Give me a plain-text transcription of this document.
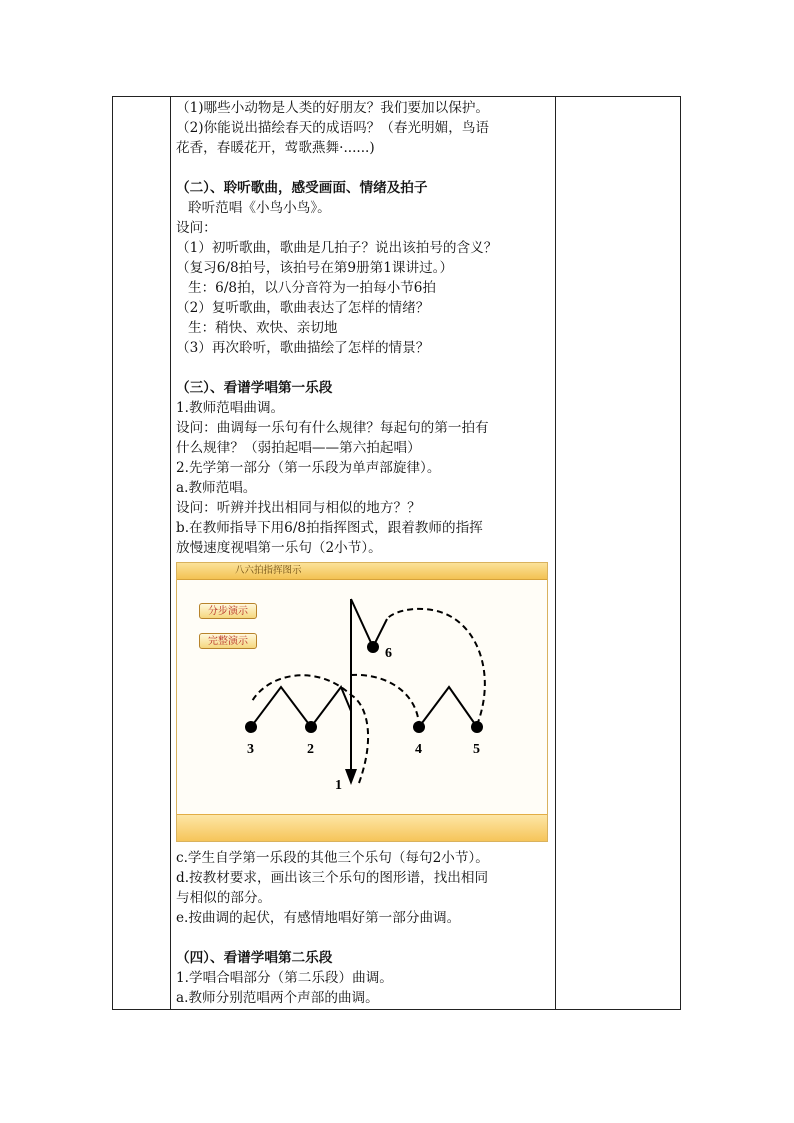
（1)哪些小动物是人类的好朋友？我们要加以保护。

（2)你能说出描绘春天的成语吗？（春光明媚，鸟语

花香，春暖花开，莺歌燕舞·......)

（二）、聆听歌曲，感受画面、情绪及拍子

聆听范唱《小鸟小鸟》。

设问：

（1）初听歌曲，歌曲是几拍子？说出该拍号的含义？

（复习6/8拍号，该拍号在第9册第1课讲过。）

生：6/8拍，以八分音符为一拍每小节6拍

（2）复听歌曲，歌曲表达了怎样的情绪？

生：稍快、欢快、亲切地

（3）再次聆听，歌曲描绘了怎样的情景？

（三）、看谱学唱第一乐段

1.教师范唱曲调。

设问：曲调每一乐句有什么规律？每起句的第一拍有

什么规律？（弱拍起唱——第六拍起唱）

2.先学第一部分（第一乐段为单声部旋律）。

a.教师范唱。

设问：听辨并找出相同与相似的地方？？

b.在教师指导下用6/8拍指挥图式，跟着教师的指挥

放慢速度视唱第一乐句（2小节）。

八六拍指挥图示
分步演示
完整演示
1
2
3	4	5
6

c.学生自学第一乐段的其他三个乐句（每句2小节）。

d.按教材要求，画出该三个乐句的图形谱，找出相同

与相似的部分。

e.按曲调的起伏，有感情地唱好第一部分曲调。

（四）、看谱学唱第二乐段

1.学唱合唱部分（第二乐段）曲调。

a.教师分别范唱两个声部的曲调。
